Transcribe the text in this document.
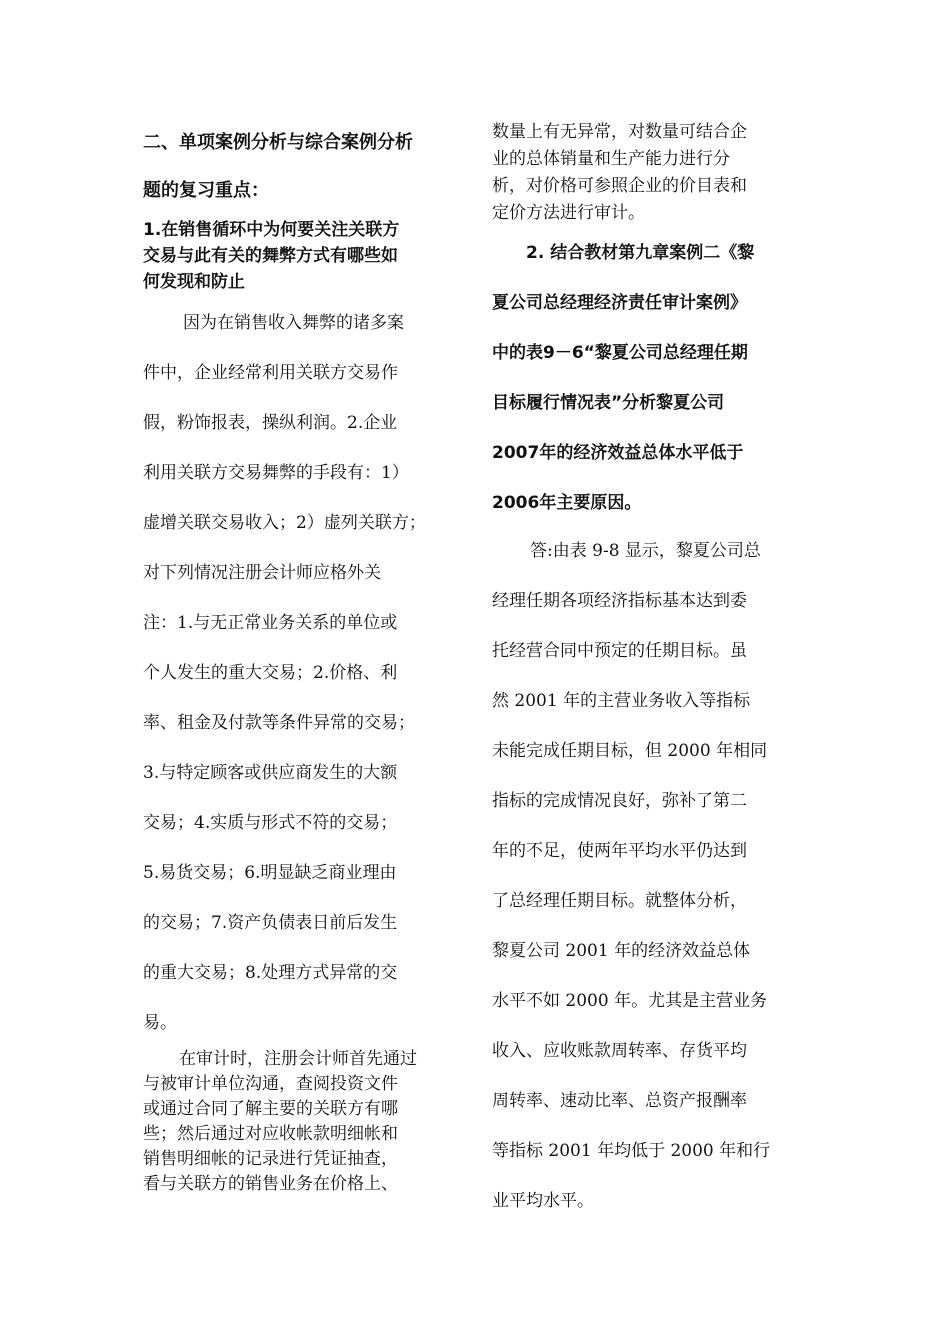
二、单项案例分析与综合案例分析
题的复习重点：
1.在销售循环中为何要关注关联方
交易与此有关的舞弊方式有哪些如
何发现和防止
因为在销售收入舞弊的诸多案
件中，企业经常利用关联方交易作
假，粉饰报表，操纵利润。2.企业
利用关联方交易舞弊的手段有：1）
虚增关联交易收入；2）虚列关联方；
对下列情况注册会计师应格外关
注：1.与无正常业务关系的单位或
个人发生的重大交易；2.价格、利
率、租金及付款等条件异常的交易；
3.与特定顾客或供应商发生的大额
交易；4.实质与形式不符的交易；
5.易货交易；6.明显缺乏商业理由
的交易；7.资产负债表日前后发生
的重大交易；8.处理方式异常的交
易。
在审计时，注册会计师首先通过
与被审计单位沟通，查阅投资文件
或通过合同了解主要的关联方有哪
些；然后通过对应收帐款明细帐和
销售明细帐的记录进行凭证抽查，
看与关联方的销售业务在价格上、
数量上有无异常，对数量可结合企
业的总体销量和生产能力进行分
析，对价格可参照企业的价目表和
定价方法进行审计。
2. 结合教材第九章案例二《黎
夏公司总经理经济责任审计案例》
中的表9－6“黎夏公司总经理任期
目标履行情况表”分析黎夏公司
2007年的经济效益总体水平低于
2006年主要原因。
答:由表 9-8 显示，黎夏公司总
经理任期各项经济指标基本达到委
托经营合同中预定的任期目标。虽
然 2001 年的主营业务收入等指标
未能完成任期目标，但 2000 年相同
指标的完成情况良好，弥补了第二
年的不足，使两年平均水平仍达到
了总经理任期目标。就整体分析，
黎夏公司 2001 年的经济效益总体
水平不如 2000 年。尤其是主营业务
收入、应收账款周转率、存货平均
周转率、速动比率、总资产报酬率
等指标 2001 年均低于 2000 年和行
业平均水平。
